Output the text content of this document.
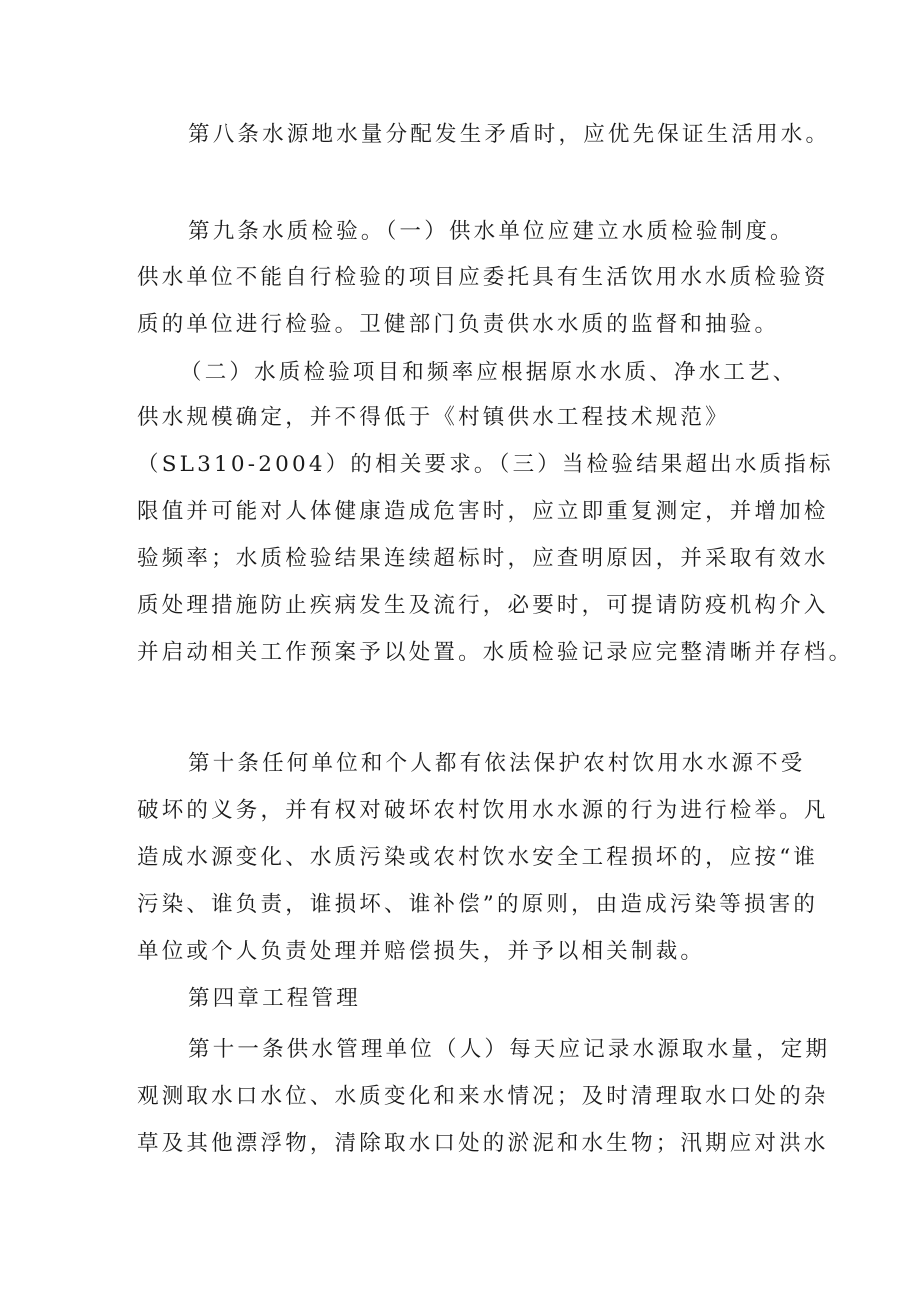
第八条水源地水量分配发生矛盾时，应优先保证生活用水。
第九条水质检验。（一）供水单位应建立水质检验制度。
供水单位不能自行检验的项目应委托具有生活饮用水水质检验资
质的单位进行检验。卫健部门负责供水水质的监督和抽验。
（二）水质检验项目和频率应根据原水水质、净水工艺、
供水规模确定，并不得低于《村镇供水工程技术规范》
（SL310-2004）的相关要求。（三）当检验结果超出水质指标
限值并可能对人体健康造成危害时，应立即重复测定，并增加检
验频率；水质检验结果连续超标时，应查明原因，并采取有效水
质处理措施防止疾病发生及流行，必要时，可提请防疫机构介入
并启动相关工作预案予以处置。水质检验记录应完整清晰并存档。
第十条任何单位和个人都有依法保护农村饮用水水源不受
破坏的义务，并有权对破坏农村饮用水水源的行为进行检举。凡
造成水源变化、水质污染或农村饮水安全工程损坏的，应按“谁
污染、谁负责，谁损坏、谁补偿”的原则，由造成污染等损害的
单位或个人负责处理并赔偿损失，并予以相关制裁。
第四章工程管理
第十一条供水管理单位（人）每天应记录水源取水量，定期
观测取水口水位、水质变化和来水情况；及时清理取水口处的杂
草及其他漂浮物，清除取水口处的淤泥和水生物；汛期应对洪水
